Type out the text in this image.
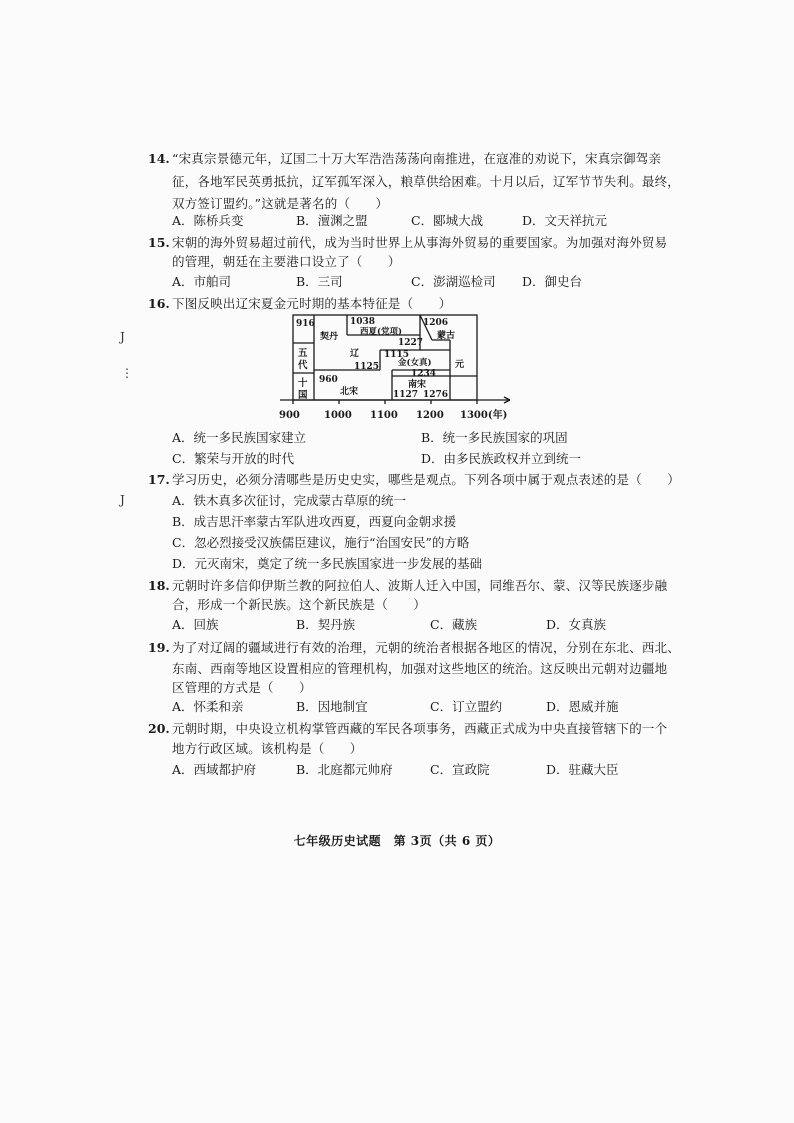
J
⋮
J
14. “宋真宗景德元年，辽国二十万大军浩浩荡荡向南推进，在寇准的劝说下，宋真宗御驾亲
征，各地军民英勇抵抗，辽军孤军深入，粮草供给困难。十月以后，辽军节节失利。最终，
双方签订盟约。”这就是著名的（　　）
A．陈桥兵变	B．澶渊之盟	C．郾城大战	D．文天祥抗元
15. 宋朝的海外贸易超过前代，成为当时世界上从事海外贸易的重要国家。为加强对海外贸易
的管理，朝廷在主要港口设立了（　　）
A．市舶司	B．三司	C．澎湖巡检司 D．御史台
16. 下图反映出辽宋夏金元时期的基本特征是（　　）
916	1038	1206
1227
1115
1125
1234
960
1127 1276
契丹
辽
西夏(党项)	蒙古
元
金(女真)
北宋
南宋
五 代
十 国
900 1000 1100 1200 1300(年)
A．统一多民族国家建立	B．统一多民族国家的巩固
C．繁荣与开放的时代	D．由多民族政权并立到统一
17. 学习历史，必须分清哪些是历史史实，哪些是观点。下列各项中属于观点表述的是（　　）
A．铁木真多次征讨，完成蒙古草原的统一
B．成吉思汗率蒙古军队进攻西夏，西夏向金朝求援
C．忽必烈接受汉族儒臣建议，施行“治国安民”的方略
D．元灭南宋，奠定了统一多民族国家进一步发展的基础
18. 元朝时许多信仰伊斯兰教的阿拉伯人、波斯人迁入中国，同维吾尔、蒙、汉等民族逐步融
合，形成一个新民族。这个新民族是（　　）
A．回族	B．契丹族	C．藏族	D．女真族
19. 为了对辽阔的疆域进行有效的治理，元朝的统治者根据各地区的情况，分别在东北、西北、
东南、西南等地区设置相应的管理机构，加强对这些地区的统治。这反映出元朝对边疆地
区管理的方式是（　　）
A．怀柔和亲	B．因地制宜	C．订立盟约	D．恩威并施
20. 元朝时期，中央设立机构掌管西藏的军民各项事务，西藏正式成为中央直接管辖下的一个
地方行政区域。该机构是（　　）
A．西域都护府	B．北庭都元帅府	C．宣政院	D．驻藏大臣
七年级历史试题　第 3页（共 6 页）
